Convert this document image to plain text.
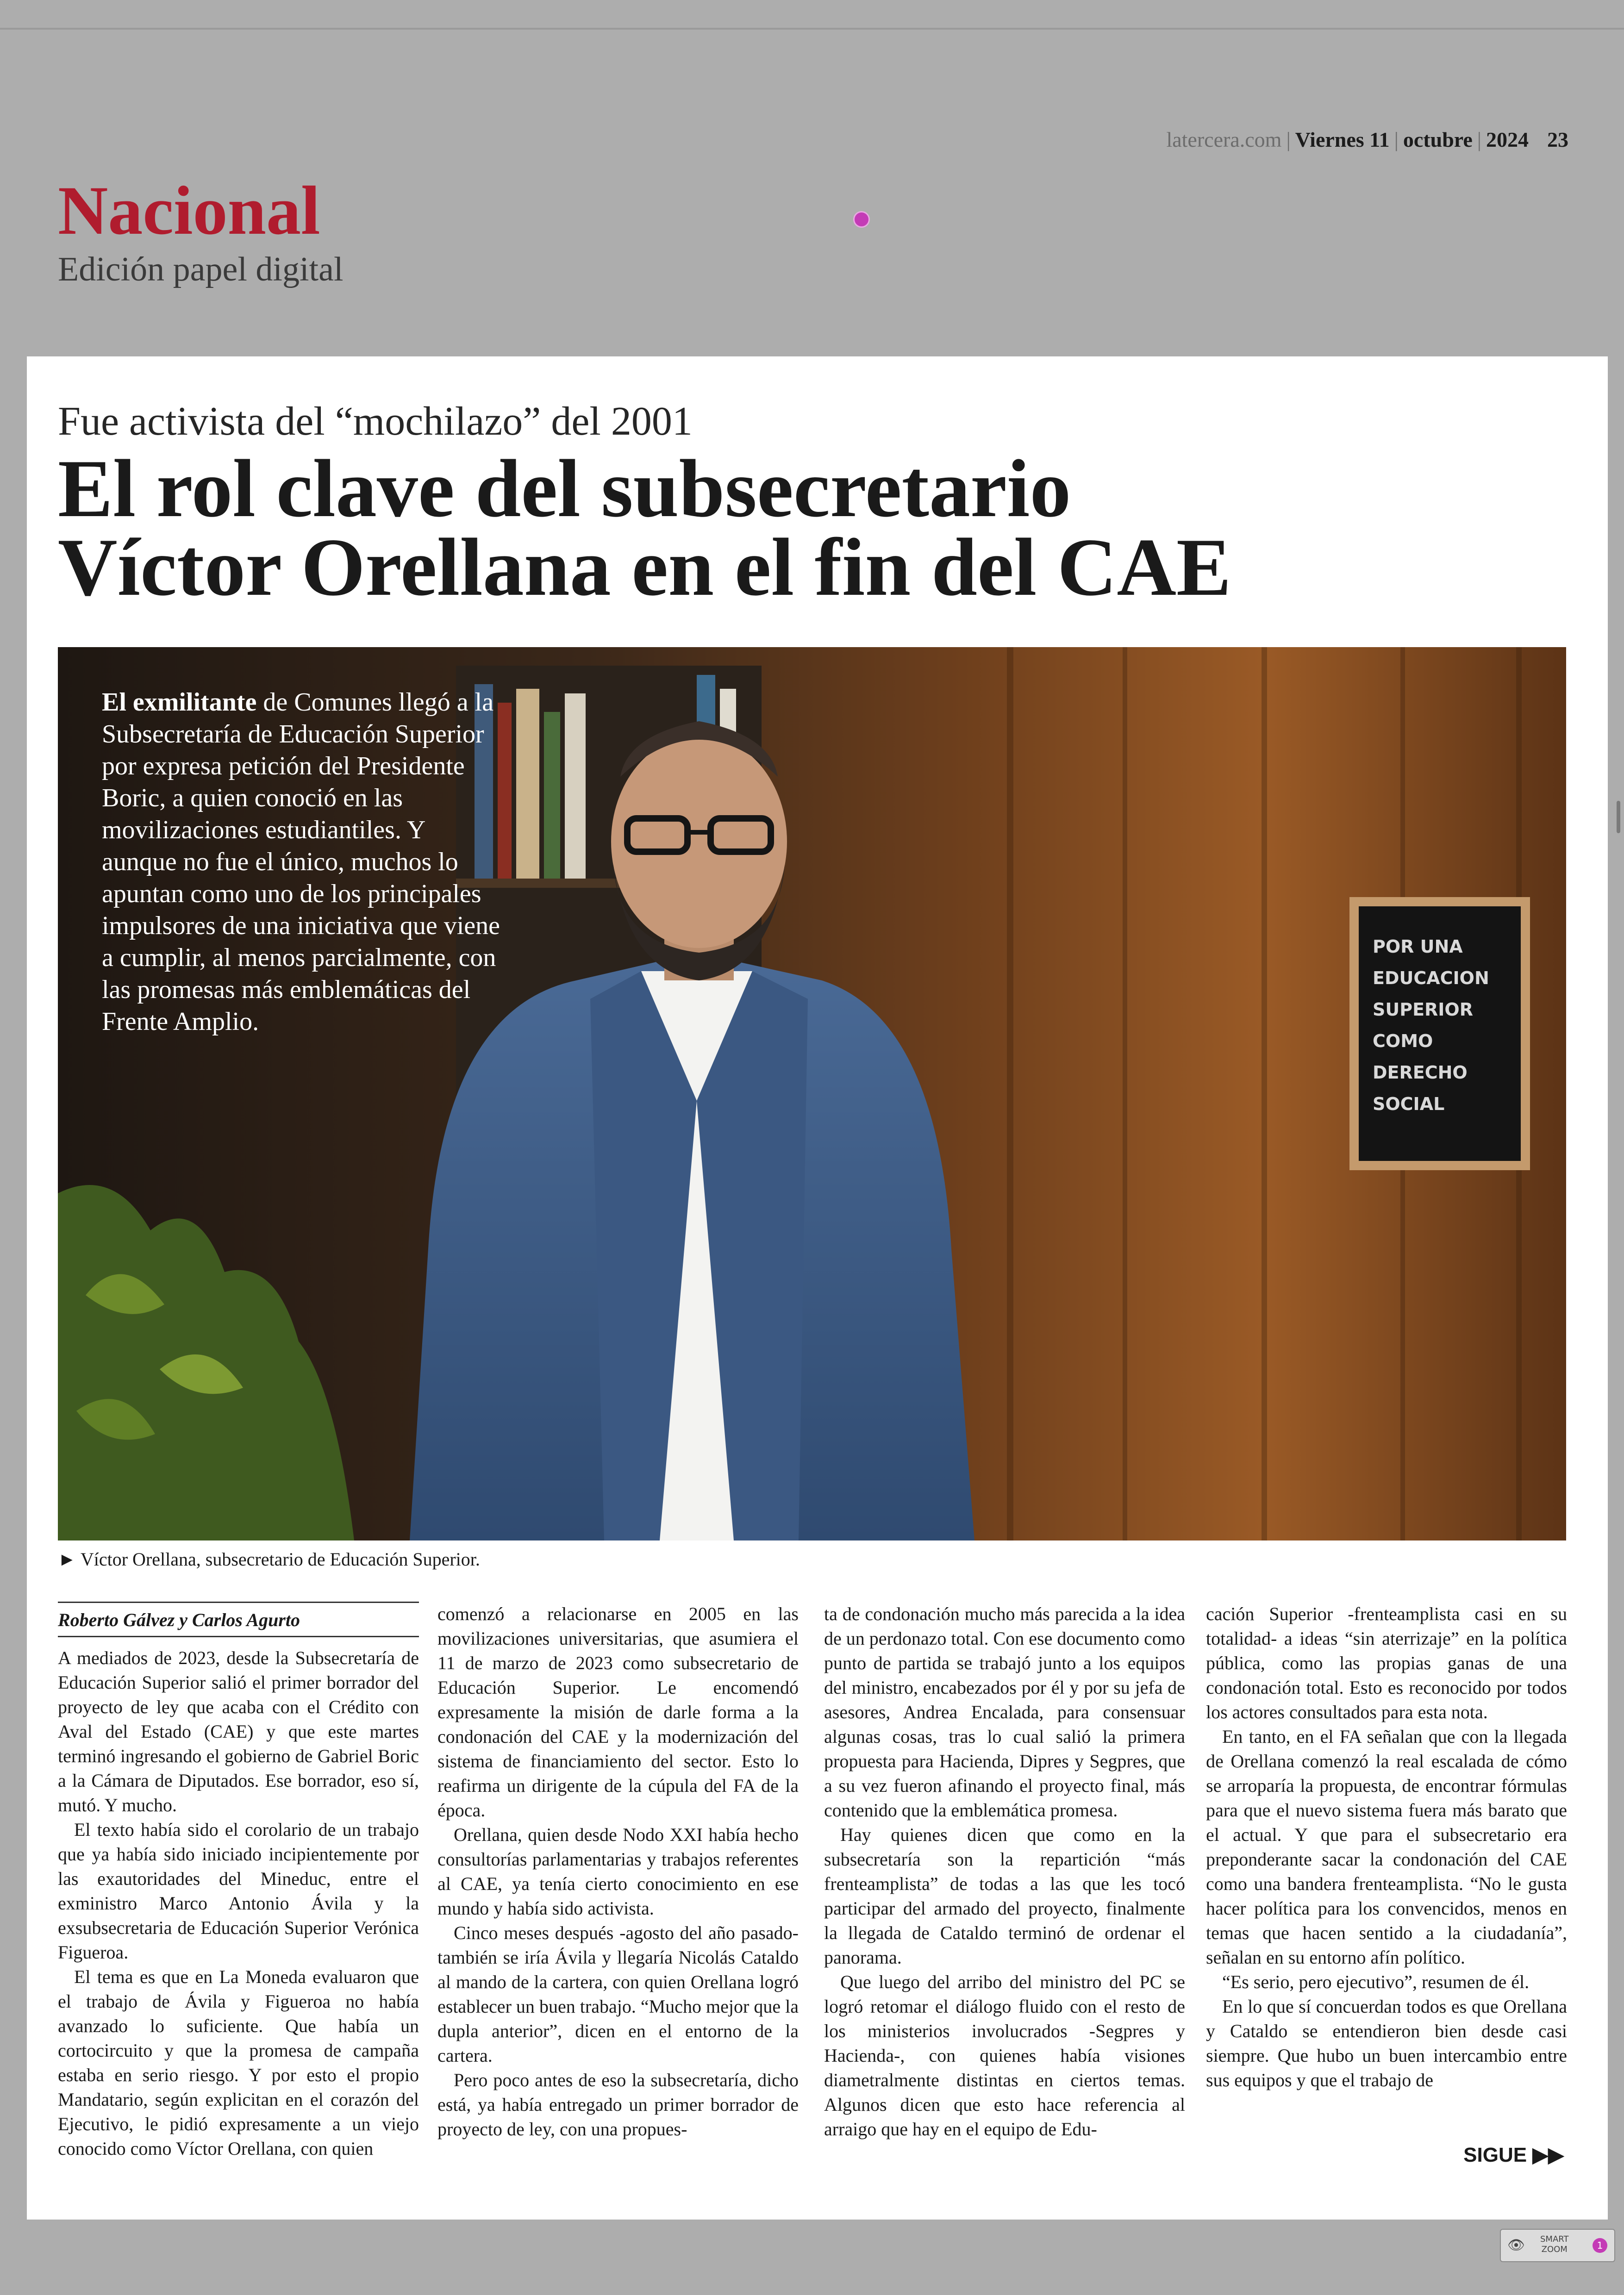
latercera.com | Viernes 11 | octubre | 2024 23
Nacional
Edición papel digital
Fue activista del “mochilazo” del 2001
El rol clave del subsecretario
Víctor Orellana en el fin del CAE
POR UNA EDUCACION SUPERIOR COMO DERECHO SOCIAL
El exmilitante de Comunes llegó a la Subsecretaría de Educación Superior por expresa petición del Presidente Boric, a quien conoció en las movilizaciones estudiantiles. Y aunque no fue el único, muchos lo apuntan como uno de los principales impulsores de una iniciativa que viene a cumplir, al menos parcialmente, con las promesas más emblemáticas del Frente Amplio.
► Víctor Orellana, subsecretario de Educación Superior.
Roberto Gálvez y Carlos Agurto

A mediados de 2023, desde la Subsecretaría de Educación Superior salió el primer borrador del proyecto de ley que acaba con el Crédito con Aval del Estado (CAE) y que este martes terminó ingresando el gobierno de Gabriel Boric a la Cámara de Diputados. Ese borrador, eso sí, mutó. Y mucho.

El texto había sido el corolario de un trabajo que ya había sido iniciado incipientemente por las exautoridades del Mineduc, entre el exministro Marco Antonio Ávila y la exsubsecretaria de Educación Superior Verónica Figueroa.

El tema es que en La Moneda evaluaron que el trabajo de Ávila y Figueroa no había avanzado lo suficiente. Que había un cortocircuito y que la promesa de campaña estaba en serio riesgo. Y por esto el propio Mandatario, según explicitan en el corazón del Ejecutivo, le pidió expresamente a un viejo conocido como Víctor Orellana, con quien

comenzó a relacionarse en 2005 en las movilizaciones universitarias, que asumiera el 11 de marzo de 2023 como subsecretario de Educación Superior. Le encomendó expresamente la misión de darle forma a la condonación del CAE y la modernización del sistema de financiamiento del sector. Esto lo reafirma un dirigente de la cúpula del FA de la época.

Orellana, quien desde Nodo XXI había hecho consultorías parlamentarias y trabajos referentes al CAE, ya tenía cierto conocimiento en ese mundo y había sido activista.

Cinco meses después -agosto del año pasado- también se iría Ávila y llegaría Nicolás Cataldo al mando de la cartera, con quien Orellana logró establecer un buen trabajo. “Mucho mejor que la dupla anterior”, dicen en el entorno de la cartera.

Pero poco antes de eso la subsecretaría, dicho está, ya había entregado un primer borrador de proyecto de ley, con una propues-

ta de condonación mucho más parecida a la idea de un perdonazo total. Con ese documento como punto de partida se trabajó junto a los equipos del ministro, encabezados por él y por su jefa de asesores, Andrea Encalada, para consensuar algunas cosas, tras lo cual salió la primera propuesta para Hacienda, Dipres y Segpres, que a su vez fueron afinando el proyecto final, más contenido que la emblemática promesa.

Hay quienes dicen que como en la subsecretaría son la repartición “más frenteamplista” de todas a las que les tocó participar del armado del proyecto, finalmente la llegada de Cataldo terminó de ordenar el panorama.

Que luego del arribo del ministro del PC se logró retomar el diálogo fluido con el resto de los ministerios involucrados -Segpres y Hacienda-, con quienes había visiones diametralmente distintas en ciertos temas. Algunos dicen que esto hace referencia al arraigo que hay en el equipo de Edu-

cación Superior -frenteamplista casi en su totalidad- a ideas “sin aterrizaje” en la política pública, como las propias ganas de una condonación total. Esto es reconocido por todos los actores consultados para esta nota.

En tanto, en el FA señalan que con la llegada de Orellana comenzó la real escalada de cómo se arroparía la propuesta, de encontrar fórmulas para que el nuevo sistema fuera más barato que el actual. Y que para el subsecretario era preponderante sacar la condonación del CAE como una bandera frenteamplista. “No le gusta hacer política para los convencidos, menos en temas que hacen sentido a la ciudadanía”, señalan en su entorno afín político.

“Es serio, pero ejecutivo”, resumen de él.

En lo que sí concuerdan todos es que Orellana y Cataldo se entendieron bien desde casi siempre. Que hubo un buen intercambio entre sus equipos y que el trabajo de

SIGUE ▶▶
👁 SMART
ZOOM	1
